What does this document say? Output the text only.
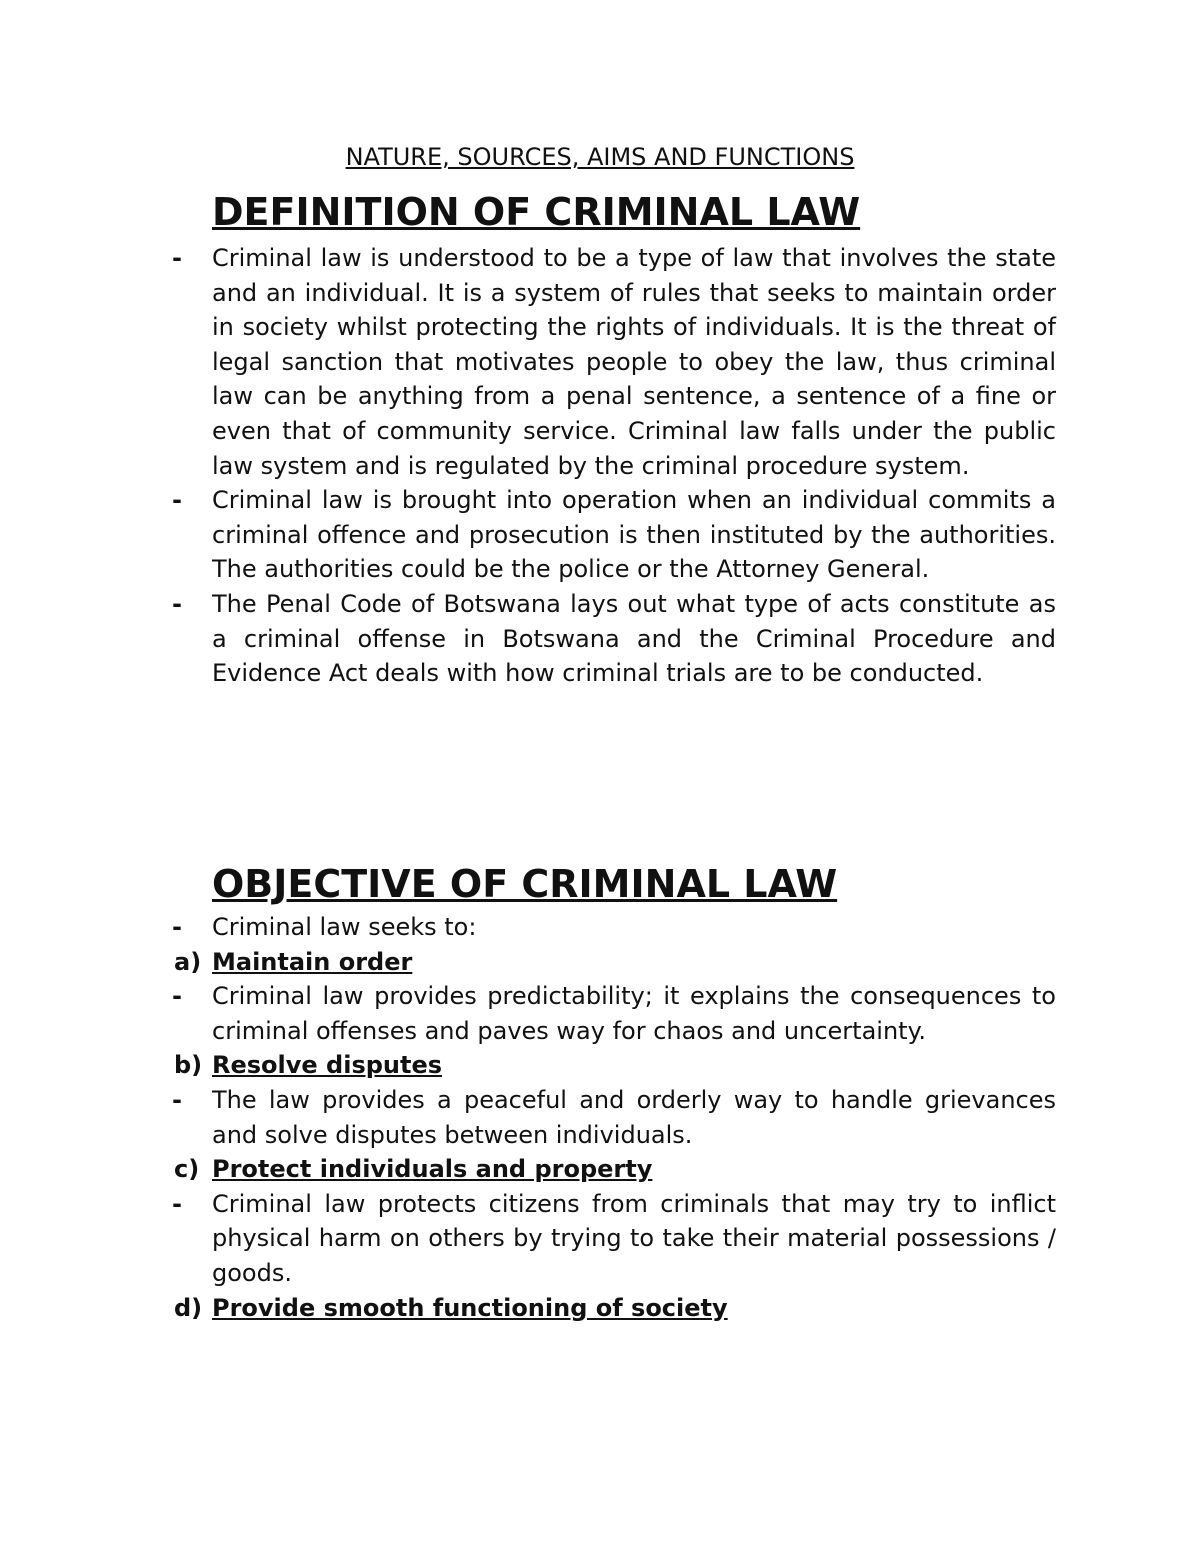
NATURE, SOURCES, AIMS AND FUNCTIONS
DEFINITION OF CRIMINAL LAW
- Criminal law is understood to be a type of law that involves the state and an individual. It is a system of rules that seeks to maintain order in society whilst protecting the rights of individuals. It is the threat of legal sanction that motivates people to obey the law, thus criminal law can be anything from a penal sentence, a sentence of a fine or even that of community service. Criminal law falls under the public law system and is regulated by the criminal procedure system.
- Criminal law is brought into operation when an individual commits a criminal offence and prosecution is then instituted by the authorities. The authorities could be the police or the Attorney General.
- The Penal Code of Botswana lays out what type of acts constitute as a criminal offense in Botswana and the Criminal Procedure and Evidence Act deals with how criminal trials are to be conducted.
OBJECTIVE OF CRIMINAL LAW
- Criminal law seeks to:
a) Maintain order
- Criminal law provides predictability; it explains the consequences to criminal offenses and paves way for chaos and uncertainty.
b) Resolve disputes
- The law provides a peaceful and orderly way to handle grievances and solve disputes between individuals.
c) Protect individuals and property
- Criminal law protects citizens from criminals that may try to inflict physical harm on others by trying to take their material possessions / goods.
d) Provide smooth functioning of society
